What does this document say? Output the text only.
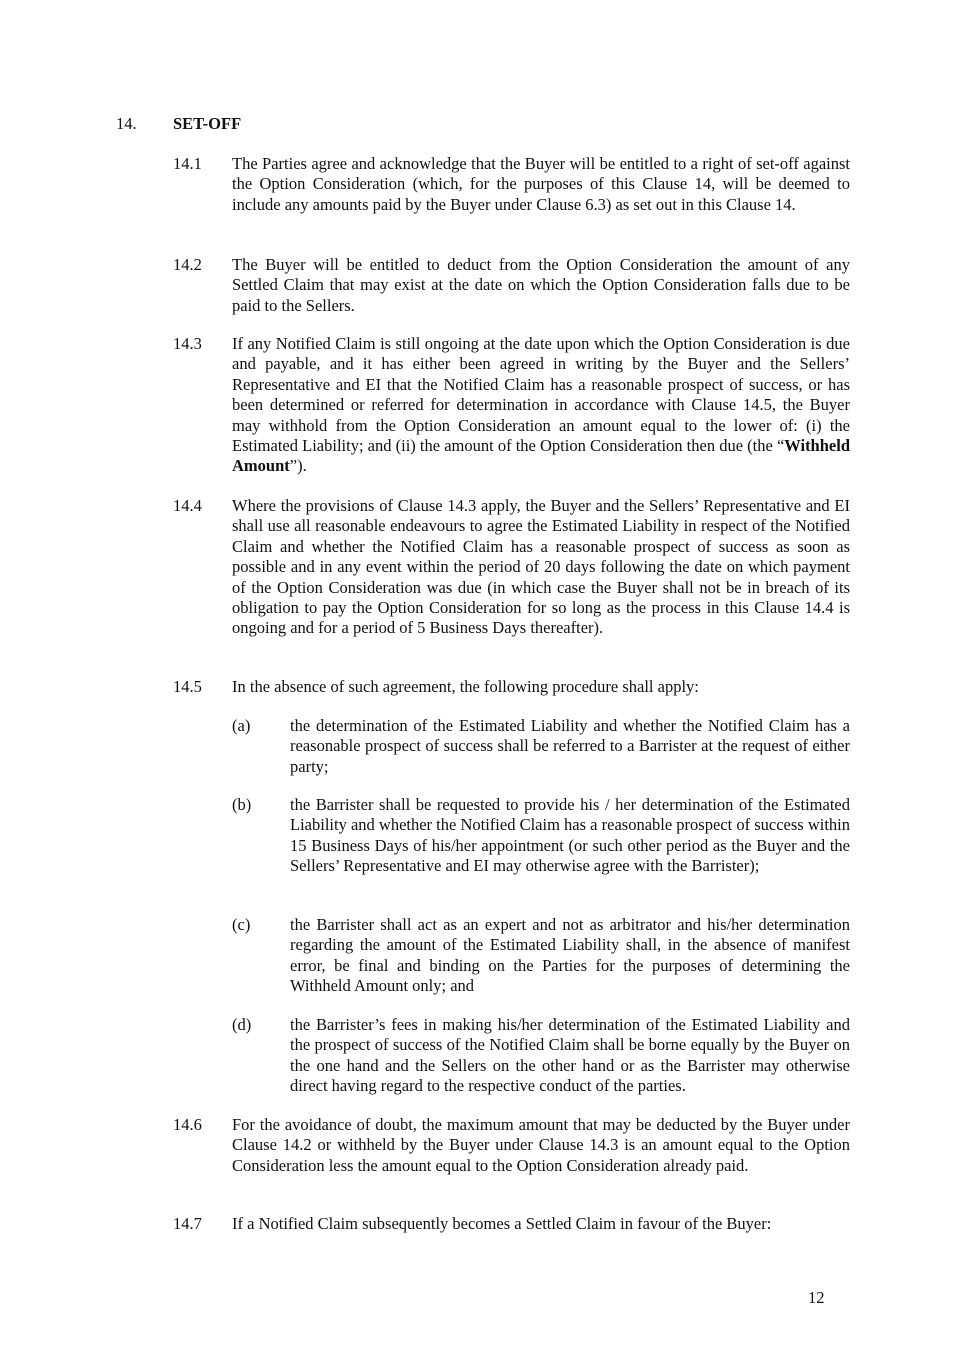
14. SET-OFF
14.1 The Parties agree and acknowledge that the Buyer will be entitled to a right of set-off against the Option Consideration (which, for the purposes of this Clause 14, will be deemed to include any amounts paid by the Buyer under Clause 6.3) as set out in this Clause 14.
14.2 The Buyer will be entitled to deduct from the Option Consideration the amount of any Settled Claim that may exist at the date on which the Option Consideration falls due to be paid to the Sellers.
14.3 If any Notified Claim is still ongoing at the date upon which the Option Consideration is due and payable, and it has either been agreed in writing by the Buyer and the Sellers’ Representative and EI that the Notified Claim has a reasonable prospect of success, or has been determined or referred for determination in accordance with Clause 14.5, the Buyer may withhold from the Option Consideration an amount equal to the lower of: (i) the Estimated Liability; and (ii) the amount of the Option Consideration then due (the “Withheld Amount”).
14.4 Where the provisions of Clause 14.3 apply, the Buyer and the Sellers’ Representative and EI shall use all reasonable endeavours to agree the Estimated Liability in respect of the Notified Claim and whether the Notified Claim has a reasonable prospect of success as soon as possible and in any event within the period of 20 days following the date on which payment of the Option Consideration was due (in which case the Buyer shall not be in breach of its obligation to pay the Option Consideration for so long as the process in this Clause 14.4 is ongoing and for a period of 5 Business Days thereafter).
14.5 In the absence of such agreement, the following procedure shall apply:
(a) the determination of the Estimated Liability and whether the Notified Claim has a reasonable prospect of success shall be referred to a Barrister at the request of either party;
(b) the Barrister shall be requested to provide his / her determination of the Estimated Liability and whether the Notified Claim has a reasonable prospect of success within 15 Business Days of his/her appointment (or such other period as the Buyer and the Sellers’ Representative and EI may otherwise agree with the Barrister);
(c) the Barrister shall act as an expert and not as arbitrator and his/her determination regarding the amount of the Estimated Liability shall, in the absence of manifest error, be final and binding on the Parties for the purposes of determining the Withheld Amount only; and
(d) the Barrister’s fees in making his/her determination of the Estimated Liability and the prospect of success of the Notified Claim shall be borne equally by the Buyer on the one hand and the Sellers on the other hand or as the Barrister may otherwise direct having regard to the respective conduct of the parties.
14.6 For the avoidance of doubt, the maximum amount that may be deducted by the Buyer under Clause 14.2 or withheld by the Buyer under Clause 14.3 is an amount equal to the Option Consideration less the amount equal to the Option Consideration already paid.
14.7 If a Notified Claim subsequently becomes a Settled Claim in favour of the Buyer:
12
